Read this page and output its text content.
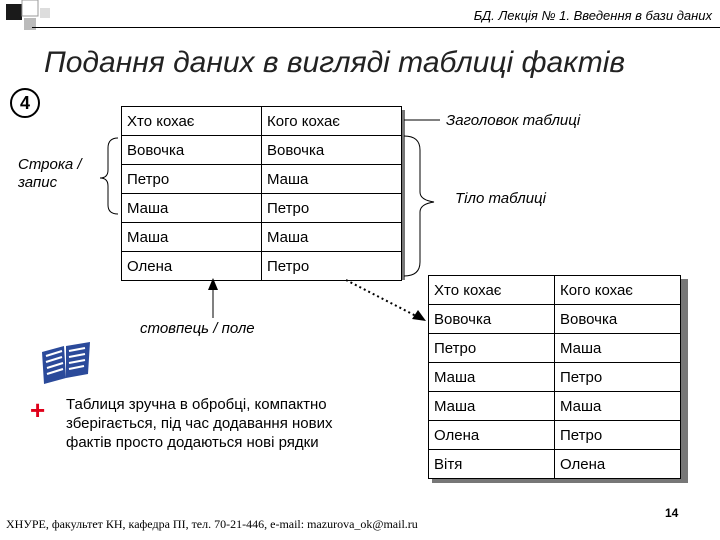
БД. Лекція № 1. Введення в бази даних
Подання даних в вигляді таблиці фактів
4
Строка / запис
Хто кохає	Кого кохає
Вовочка	Вовочка
Петро	Маша
Маша	Петро
Маша	Маша
Олена	Петро
Заголовок таблиці
Тіло таблиці
стовпець / поле
Хто кохає	Кого кохає
Вовочка	Вовочка
Петро	Маша
Маша	Петро
Маша	Маша
Олена	Петро
Вітя	Олена
+ Таблиця зручна в обробці, компактно зберігається, під час додавання нових фактів просто додаються нові рядки
ХНУРЕ, факультет КН, кафедра ПІ, тел. 70-21-446, e-mail: mazurova_ok@mail.ru
14
